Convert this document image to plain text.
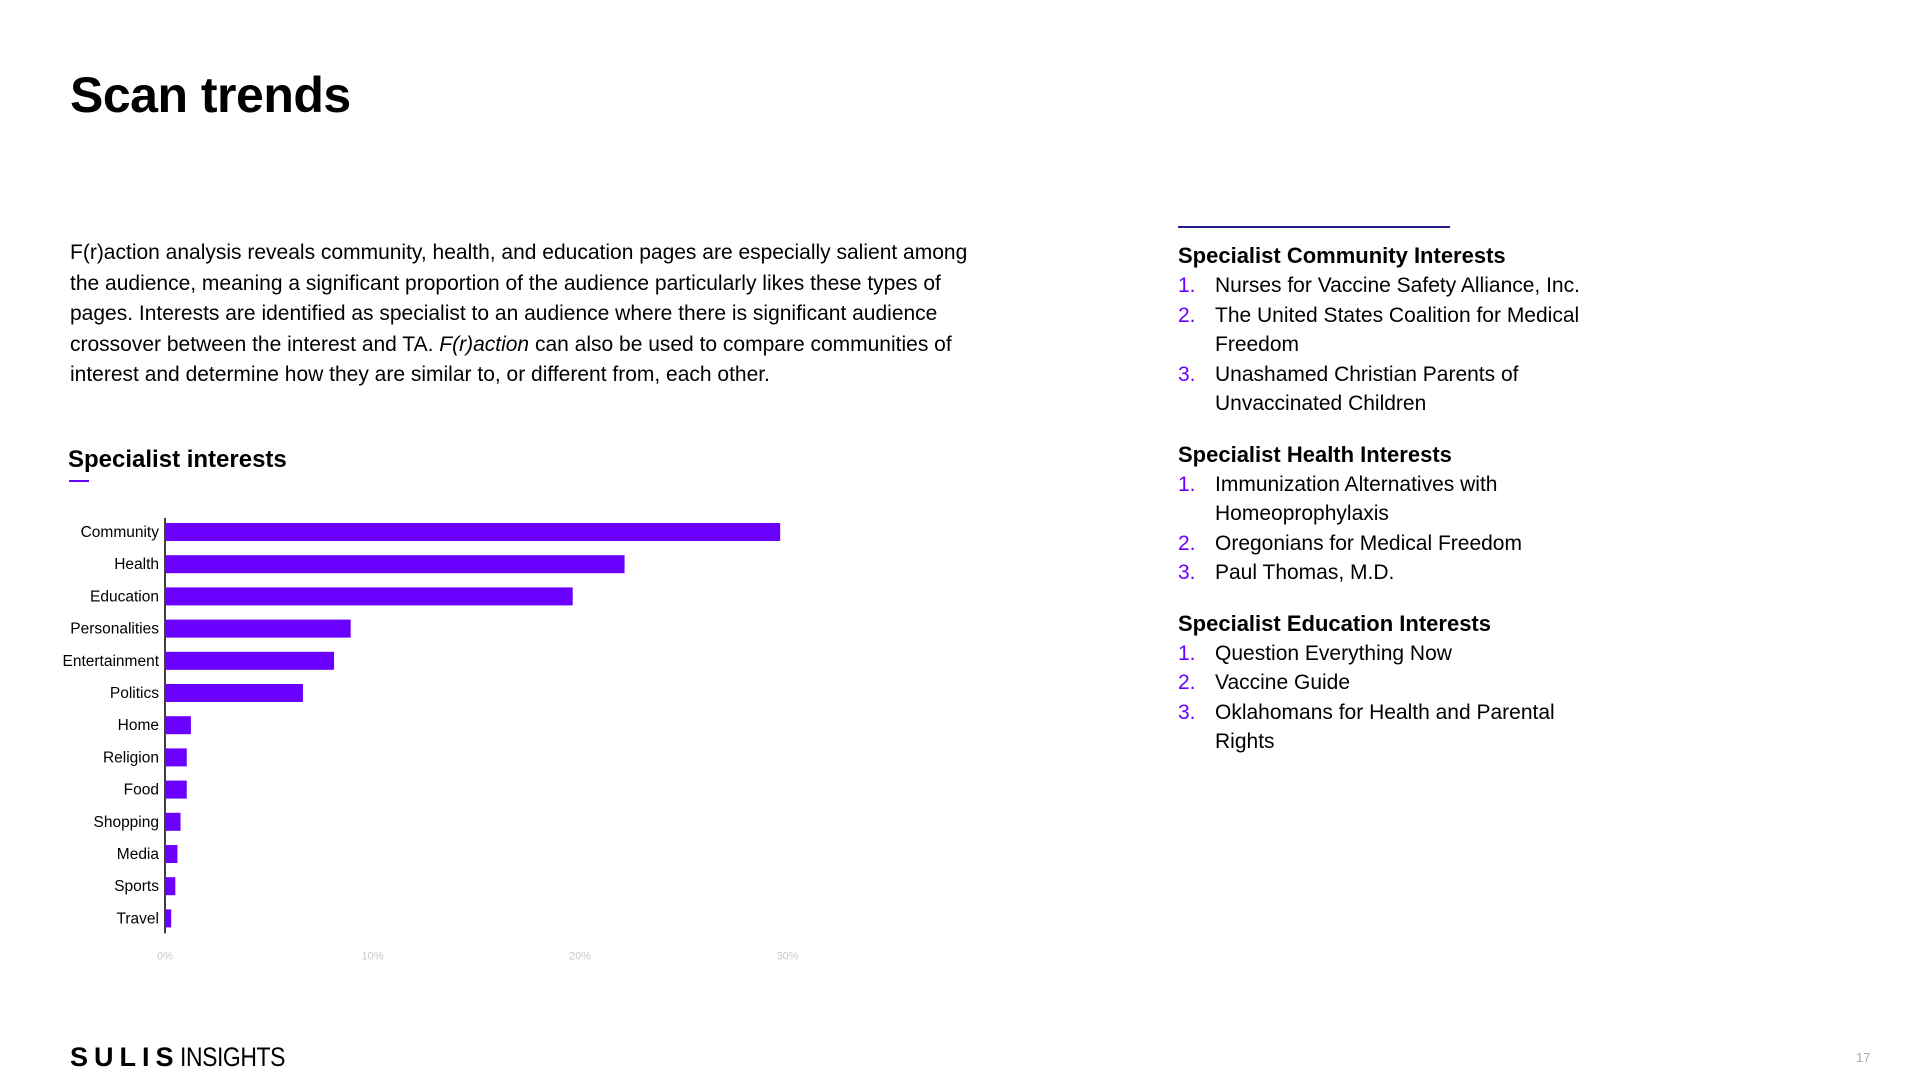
Scan trends

F(r)action analysis reveals community, health, and education pages are especially salient among the audience, meaning a significant proportion of the audience particularly likes these types of pages. Interests are identified as specialist to an audience where there is significant audience crossover between the interest and TA. F(r)action can also be used to compare communities of interest and determine how they are similar to, or different from, each other.

Specialist interests
Community
Health
Education
Personalities
Entertainment
Politics
Home
Religion
Food
Shopping
Media
Sports
Travel
0%	10%	20%	30%
Specialist Community Interests
1. Nurses for Vaccine Safety Alliance, Inc.
2. The United States Coalition for Medical Freedom
3. Unashamed Christian Parents of Unvaccinated Children
Specialist Health Interests
1. Immunization Alternatives with Homeoprophylaxis
2. Oregonians for Medical Freedom
3. Paul Thomas, M.D.
Specialist Education Interests
1. Question Everything Now
2. Vaccine Guide
3. Oklahomans for Health and Parental Rights
SULISINSIGHTS	17
